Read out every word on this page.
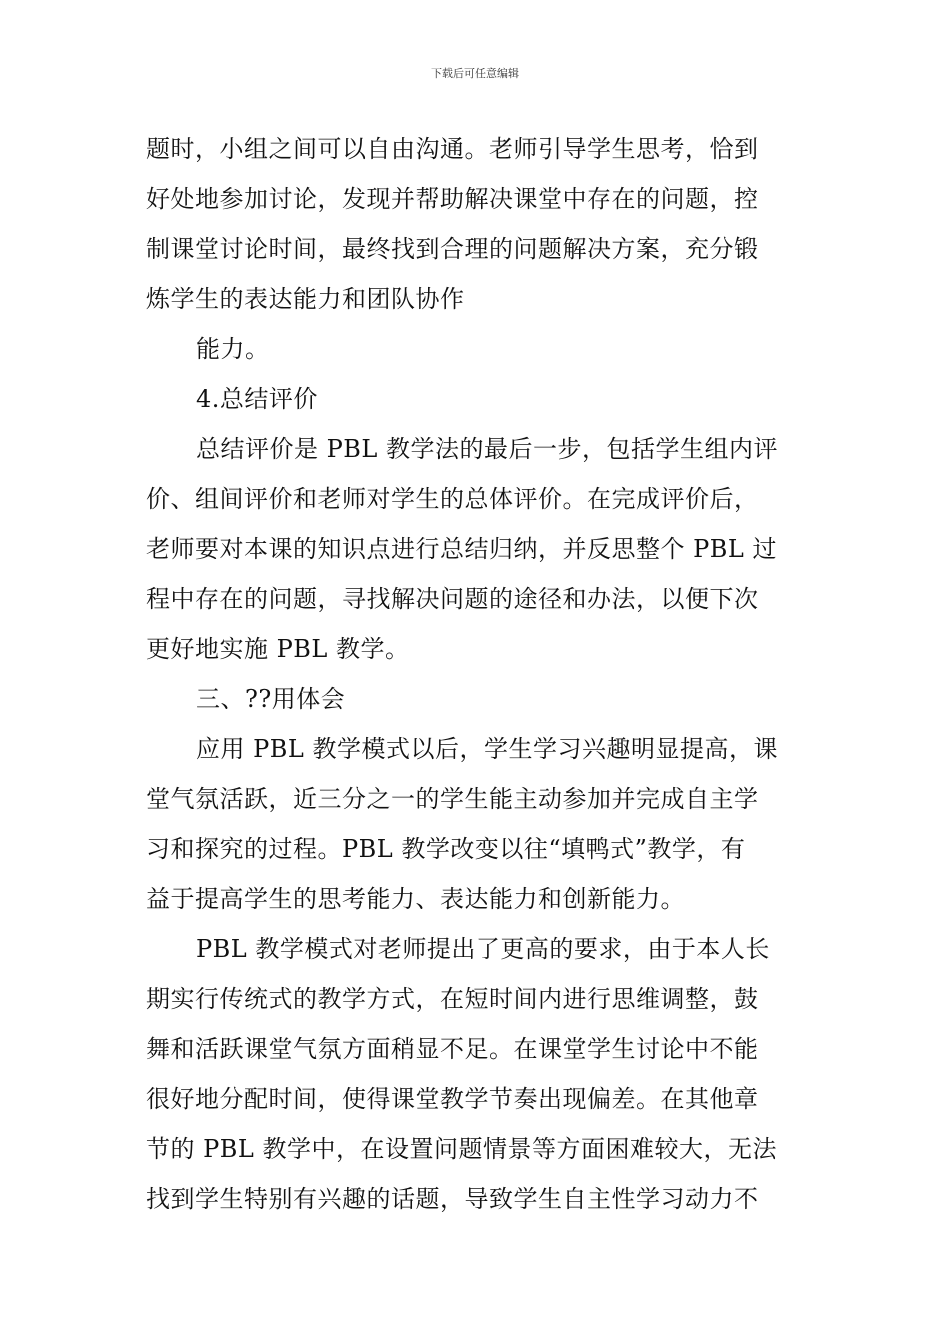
下载后可任意编辑
题时，小组之间可以自由沟通。老师引导学生思考，恰到
好处地参加讨论，发现并帮助解决课堂中存在的问题，控
制课堂讨论时间，最终找到合理的问题解决方案，充分锻
炼学生的表达能力和团队协作
能力。
4.总结评价
总结评价是 PBL 教学法的最后一步，包括学生组内评
价、组间评价和老师对学生的总体评价。在完成评价后，
老师要对本课的知识点进行总结归纳，并反思整个 PBL 过
程中存在的问题，寻找解决问题的途径和办法，以便下次
更好地实施 PBL 教学。
三、??用体会
应用 PBL 教学模式以后，学生学习兴趣明显提高，课
堂气氛活跃，近三分之一的学生能主动参加并完成自主学
习和探究的过程。PBL 教学改变以往“填鸭式”教学，有
益于提高学生的思考能力、表达能力和创新能力。
PBL 教学模式对老师提出了更高的要求，由于本人长
期实行传统式的教学方式，在短时间内进行思维调整，鼓
舞和活跃课堂气氛方面稍显不足。在课堂学生讨论中不能
很好地分配时间，使得课堂教学节奏出现偏差。在其他章
节的 PBL 教学中，在设置问题情景等方面困难较大，无法
找到学生特别有兴趣的话题，导致学生自主性学习动力不
